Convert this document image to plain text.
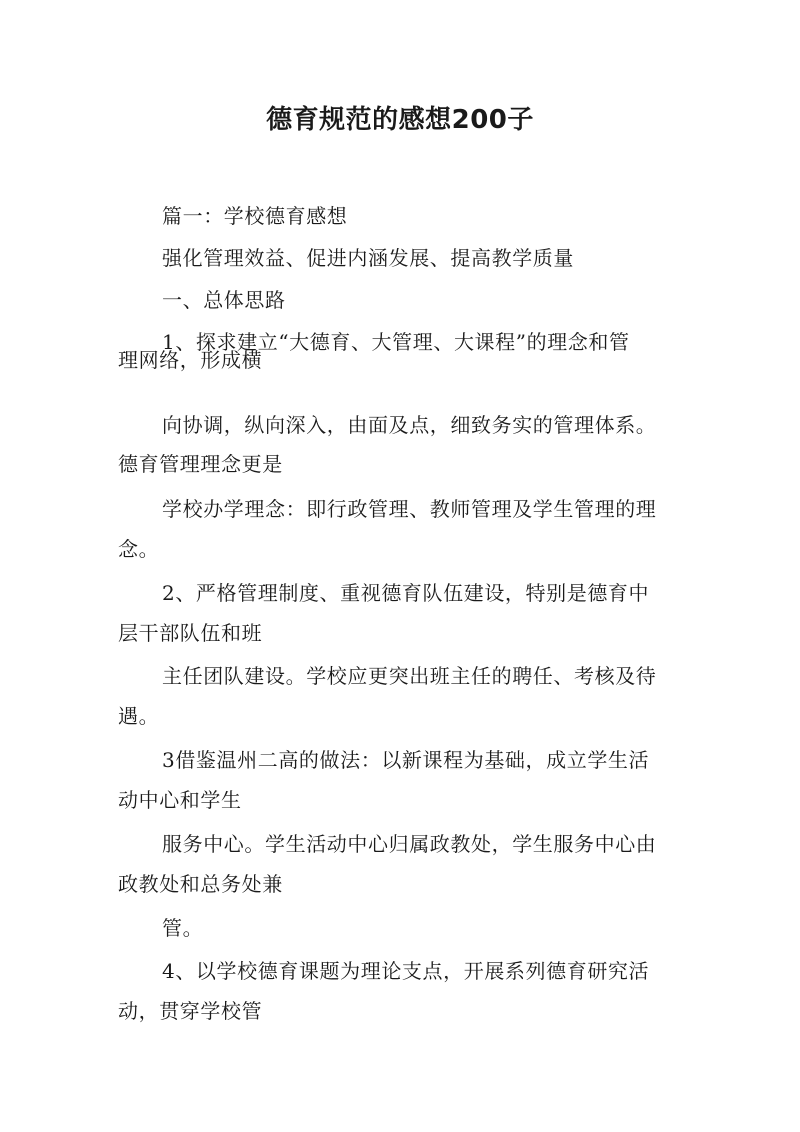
德育规范的感想200子
篇一：学校德育感想
强化管理效益、促进内涵发展、提高教学质量
一、总体思路
1、探求建立“大德育、大管理、大课程”的理念和管
理网络，形成横
向协调，纵向深入，由面及点，细致务实的管理体系。
德育管理理念更是
学校办学理念：即行政管理、教师管理及学生管理的理
念。
2、严格管理制度、重视德育队伍建设，特别是德育中
层干部队伍和班
主任团队建设。学校应更突出班主任的聘任、考核及待
遇。
3借鉴温州二高的做法：以新课程为基础，成立学生活
动中心和学生
服务中心。学生活动中心归属政教处，学生服务中心由
政教处和总务处兼
管。
4、以学校德育课题为理论支点，开展系列德育研究活
动，贯穿学校管
